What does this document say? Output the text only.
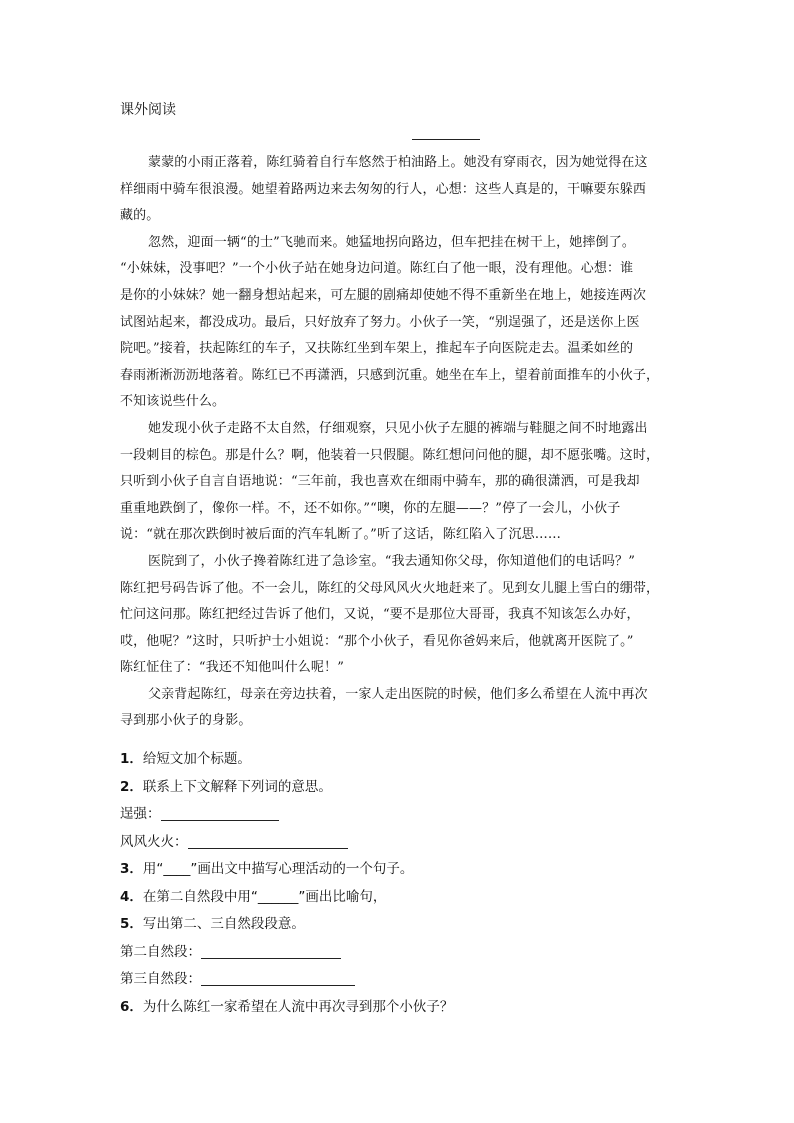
课外阅读
蒙蒙的小雨正落着，陈红骑着自行车悠然于柏油路上。她没有穿雨衣，因为她觉得在这
样细雨中骑车很浪漫。她望着路两边来去匆匆的行人，心想：这些人真是的，干嘛要东躲西
藏的。
忽然，迎面一辆“的士”飞驰而来。她猛地拐向路边，但车把挂在树干上，她摔倒了。
“小妹妹，没事吧？”一个小伙子站在她身边问道。陈红白了他一眼，没有理他。心想：谁
是你的小妹妹？她一翻身想站起来，可左腿的剧痛却使她不得不重新坐在地上，她接连两次
试图站起来，都没成功。最后，只好放弃了努力。小伙子一笑，“别逞强了，还是送你上医
院吧。”接着，扶起陈红的车子，又扶陈红坐到车架上，推起车子向医院走去。温柔如丝的
春雨淅淅沥沥地落着。陈红已不再潇洒，只感到沉重。她坐在车上，望着前面推车的小伙子，
不知该说些什么。
她发现小伙子走路不太自然，仔细观察，只见小伙子左腿的裤端与鞋腿之间不时地露出
一段刺目的棕色。那是什么？啊，他装着一只假腿。陈红想问问他的腿，却不愿张嘴。这时，
只听到小伙子自言自语地说：“三年前，我也喜欢在细雨中骑车，那的确很潇洒，可是我却
重重地跌倒了，像你一样。不，还不如你。”“噢，你的左腿——？”停了一会儿，小伙子
说：“就在那次跌倒时被后面的汽车轧断了。”听了这话，陈红陷入了沉思……
医院到了，小伙子搀着陈红进了急诊室。“我去通知你父母，你知道他们的电话吗？”
陈红把号码告诉了他。不一会儿，陈红的父母风风火火地赶来了。见到女儿腿上雪白的绷带，
忙问这问那。陈红把经过告诉了他们，又说，“要不是那位大哥哥，我真不知该怎么办好，
哎，他呢？”这时，只听护士小姐说：“那个小伙子，看见你爸妈来后，他就离开医院了。”
陈红怔住了：“我还不知他叫什么呢！”
父亲背起陈红，母亲在旁边扶着，一家人走出医院的时候，他们多么希望在人流中再次
寻到那小伙子的身影。
1．给短文加个标题。
2．联系上下文解释下列词的意思。
逞强：
风风火火：
3．用“____”画出文中描写心理活动的一个句子。
4．在第二自然段中用“______”画出比喻句，
5．写出第二、三自然段段意。
第二自然段：
第三自然段：
6．为什么陈红一家希望在人流中再次寻到那个小伙子？
